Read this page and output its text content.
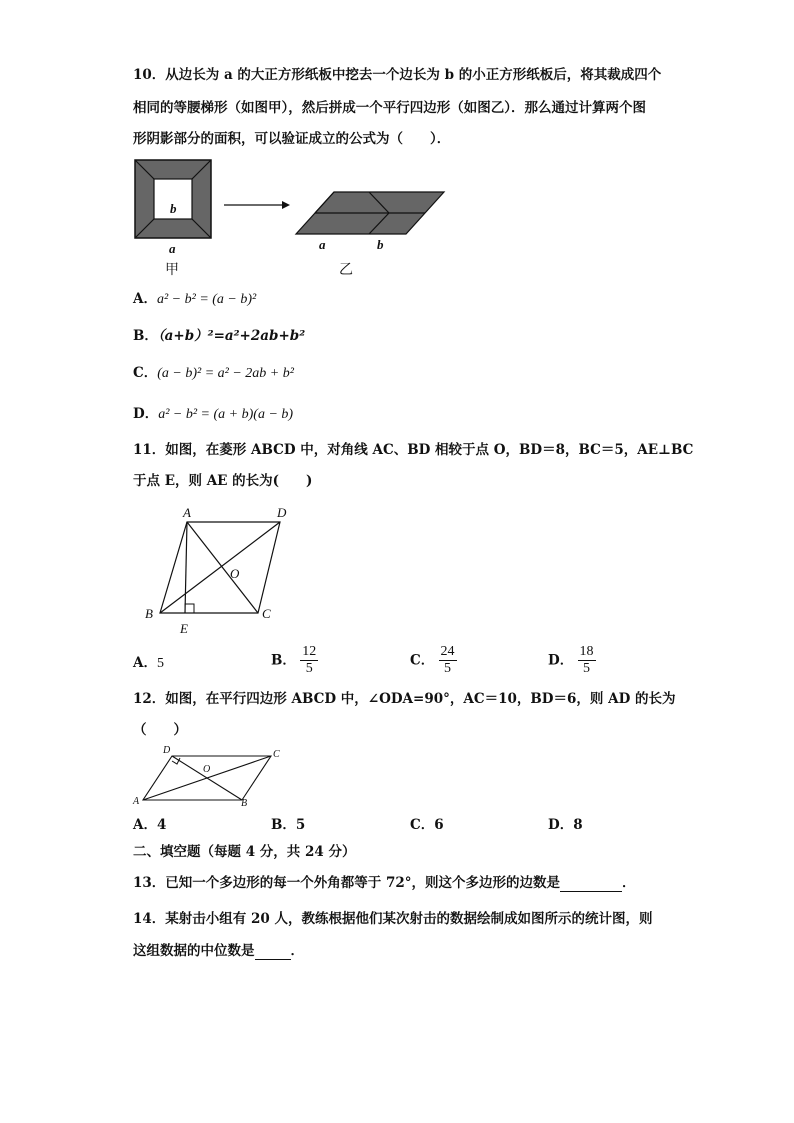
10．从边长为 a 的大正方形纸板中挖去一个边长为 b 的小正方形纸板后，将其裁成四个
相同的等腰梯形（如图甲），然后拼成一个平行四边形（如图乙）．那么通过计算两个图
形阴影部分的面积，可以验证成立的公式为（　　）．
b
a
甲
a	b
乙
A．a² − b² = (a − b)²
B．（a+b）²=a²+2ab+b²
C．(a − b)² = a² − 2ab + b²
D．a² − b² = (a + b)(a − b)
11．如图，在菱形 ABCD 中，对角线 AC、BD 相较于点 O，BD＝8，BC＝5，AE⊥BC
于点 E，则 AE 的长为(　　)
A	D
O
B
E
C
A．5	B． $\frac{12}{5}$	C． $\frac{24}{5}$	D． $\frac{18}{5}$
12．如图，在平行四边形 ABCD 中，∠ODA=90°，AC＝10，BD＝6，则 AD 的长为
（　　）
D	C
O
A	B
A．4	B．5	C．6	D．8
二、填空题（每题 4 分，共 24 分）
13．已知一个多边形的每一个外角都等于 72°，则这个多边形的边数是	．
14．某射击小组有 20 人，教练根据他们某次射击的数据绘制成如图所示的统计图，则
这组数据的中位数是	．
